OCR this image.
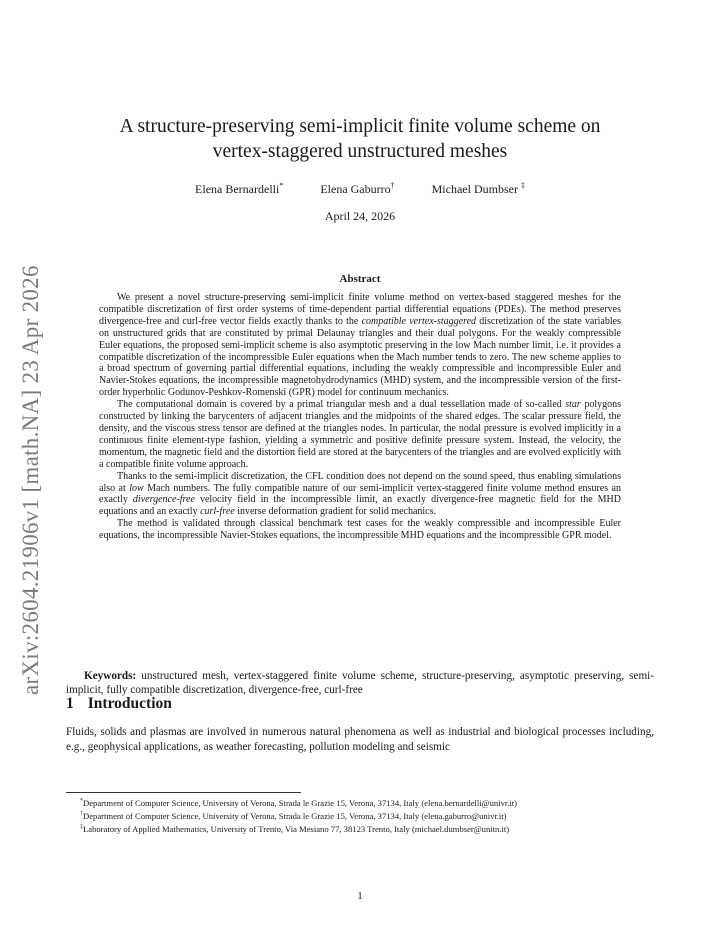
arXiv:2604.21906v1 [math.NA] 23 Apr 2026
A structure-preserving semi-implicit finite volume scheme on
vertex-staggered unstructured meshes
Elena Bernardelli*	Elena Gaburro†	Michael Dumbser ‡
April 24, 2026
Abstract

We present a novel structure-preserving semi-implicit finite volume method on vertex-based staggered meshes for the compatible discretization of first order systems of time-dependent partial differential equations (PDEs). The method preserves divergence-free and curl-free vector fields exactly thanks to the compatible vertex-staggered discretization of the state variables on unstructured grids that are constituted by primal Delaunay triangles and their dual polygons. For the weakly compressible Euler equations, the proposed semi-implicit scheme is also asymptotic preserving in the low Mach number limit, i.e. it provides a compatible discretization of the incompressible Euler equations when the Mach number tends to zero. The new scheme applies to a broad spectrum of governing partial differential equations, including the weakly compressible and incompressible Euler and Navier-Stokes equations, the incompressible magnetohydrodynamics (MHD) system, and the incompressible version of the first-order hyperbolic Godunov-Peshkov-Romenski (GPR) model for continuum mechanics.

The computational domain is covered by a primal triangular mesh and a dual tessellation made of so-called star polygons constructed by linking the barycenters of adjacent triangles and the midpoints of the shared edges. The scalar pressure field, the density, and the viscous stress tensor are defined at the triangles nodes. In particular, the nodal pressure is evolved implicitly in a continuous finite element-type fashion, yielding a symmetric and positive definite pressure system. Instead, the velocity, the momentum, the magnetic field and the distortion field are stored at the barycenters of the triangles and are evolved explicitly with a compatible finite volume approach.

Thanks to the semi-implicit discretization, the CFL condition does not depend on the sound speed, thus enabling simulations also at low Mach numbers. The fully compatible nature of our semi-implicit vertex-staggered finite volume method ensures an exactly divergence-free velocity field in the incompressible limit, an exactly divergence-free magnetic field for the MHD equations and an exactly curl-free inverse deformation gradient for solid mechanics.

The method is validated through classical benchmark test cases for the weakly compressible and incompressible Euler equations, the incompressible Navier-Stokes equations, the incompressible MHD equations and the incompressible GPR model.

Keywords: unstructured mesh, vertex-staggered finite volume scheme, structure-preserving, asymptotic preserving, semi-implicit, fully compatible discretization, divergence-free, curl-free
1 Introduction
Fluids, solids and plasmas are involved in numerous natural phenomena as well as industrial and biological processes including, e.g., geophysical applications, as weather forecasting, pollution modeling and seismic

*Department of Computer Science, University of Verona, Strada le Grazie 15, Verona, 37134, Italy (elena.bernardelli@univr.it)

†Department of Computer Science, University of Verona, Strada le Grazie 15, Verona, 37134, Italy (elena.gaburro@univr.it)

‡Laboratory of Applied Mathematics, University of Trento, Via Mesiano 77, 38123 Trento, Italy (michael.dumbser@unitn.it)

1
